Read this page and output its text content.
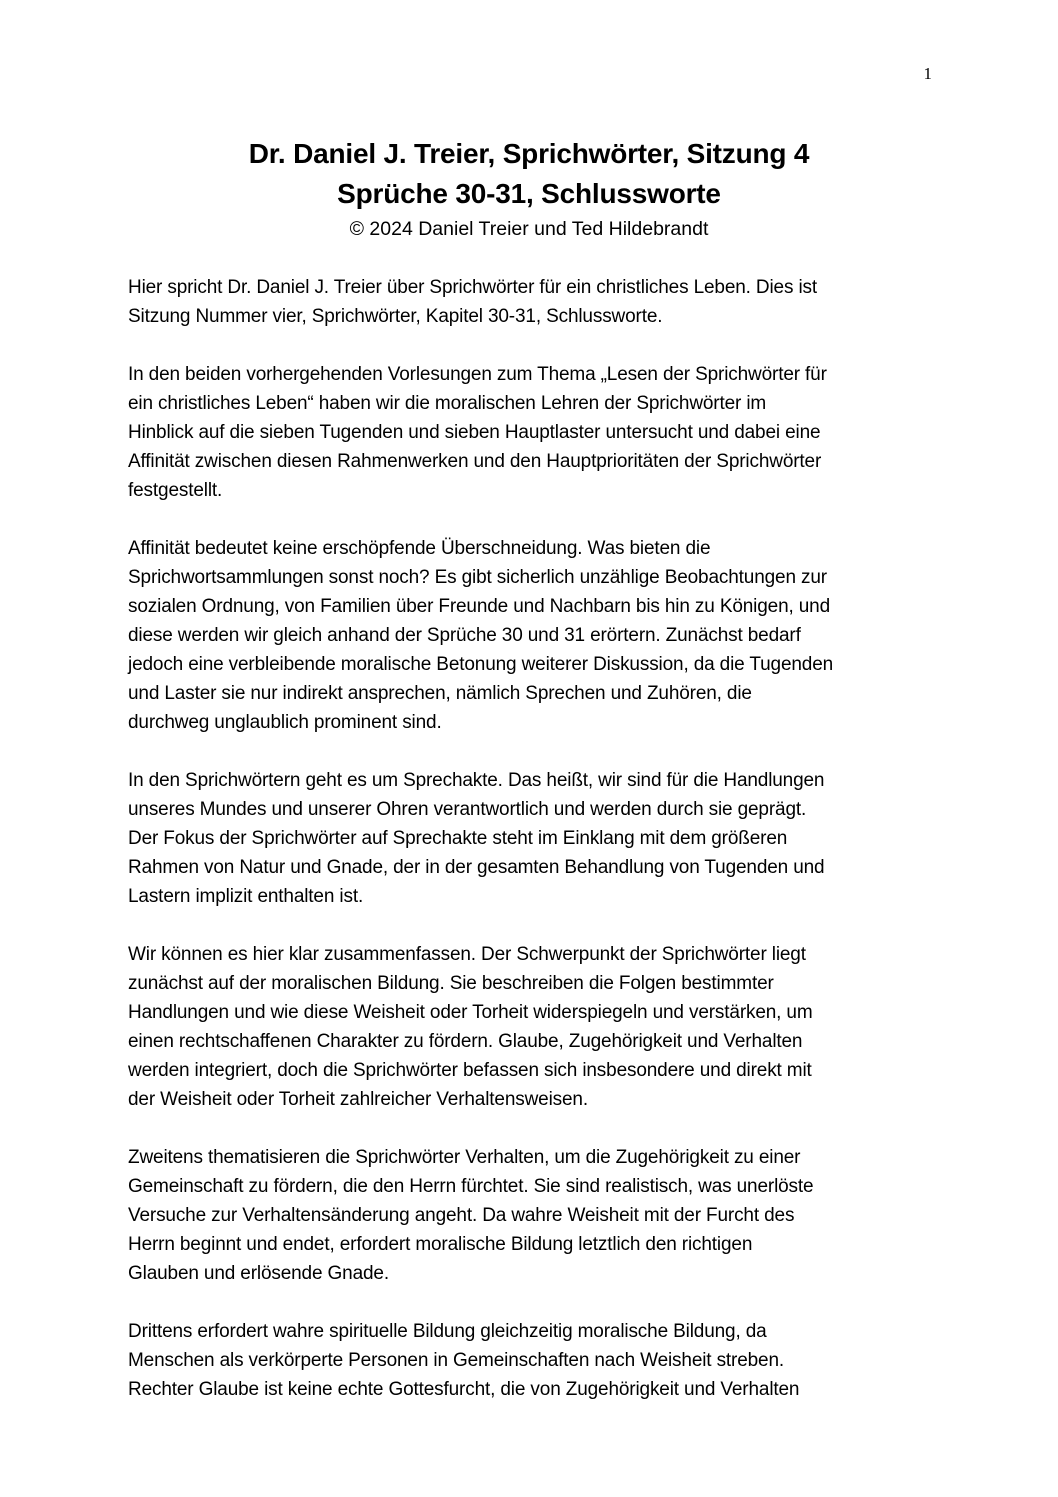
1
Dr. Daniel J. Treier, Sprichwörter, Sitzung 4
Sprüche 30-31, Schlussworte
© 2024 Daniel Treier und Ted Hildebrandt
Hier spricht Dr. Daniel J. Treier über Sprichwörter für ein christliches Leben. Dies ist
Sitzung Nummer vier, Sprichwörter, Kapitel 30-31, Schlussworte.
In den beiden vorhergehenden Vorlesungen zum Thema „Lesen der Sprichwörter für
ein christliches Leben“ haben wir die moralischen Lehren der Sprichwörter im
Hinblick auf die sieben Tugenden und sieben Hauptlaster untersucht und dabei eine
Affinität zwischen diesen Rahmenwerken und den Hauptprioritäten der Sprichwörter
festgestellt.
Affinität bedeutet keine erschöpfende Überschneidung. Was bieten die
Sprichwortsammlungen sonst noch? Es gibt sicherlich unzählige Beobachtungen zur
sozialen Ordnung, von Familien über Freunde und Nachbarn bis hin zu Königen, und
diese werden wir gleich anhand der Sprüche 30 und 31 erörtern. Zunächst bedarf
jedoch eine verbleibende moralische Betonung weiterer Diskussion, da die Tugenden
und Laster sie nur indirekt ansprechen, nämlich Sprechen und Zuhören, die
durchweg unglaublich prominent sind.
In den Sprichwörtern geht es um Sprechakte. Das heißt, wir sind für die Handlungen
unseres Mundes und unserer Ohren verantwortlich und werden durch sie geprägt.
Der Fokus der Sprichwörter auf Sprechakte steht im Einklang mit dem größeren
Rahmen von Natur und Gnade, der in der gesamten Behandlung von Tugenden und
Lastern implizit enthalten ist.
Wir können es hier klar zusammenfassen. Der Schwerpunkt der Sprichwörter liegt
zunächst auf der moralischen Bildung. Sie beschreiben die Folgen bestimmter
Handlungen und wie diese Weisheit oder Torheit widerspiegeln und verstärken, um
einen rechtschaffenen Charakter zu fördern. Glaube, Zugehörigkeit und Verhalten
werden integriert, doch die Sprichwörter befassen sich insbesondere und direkt mit
der Weisheit oder Torheit zahlreicher Verhaltensweisen.
Zweitens thematisieren die Sprichwörter Verhalten, um die Zugehörigkeit zu einer
Gemeinschaft zu fördern, die den Herrn fürchtet. Sie sind realistisch, was unerlöste
Versuche zur Verhaltensänderung angeht. Da wahre Weisheit mit der Furcht des
Herrn beginnt und endet, erfordert moralische Bildung letztlich den richtigen
Glauben und erlösende Gnade.
Drittens erfordert wahre spirituelle Bildung gleichzeitig moralische Bildung, da
Menschen als verkörperte Personen in Gemeinschaften nach Weisheit streben.
Rechter Glaube ist keine echte Gottesfurcht, die von Zugehörigkeit und Verhalten
